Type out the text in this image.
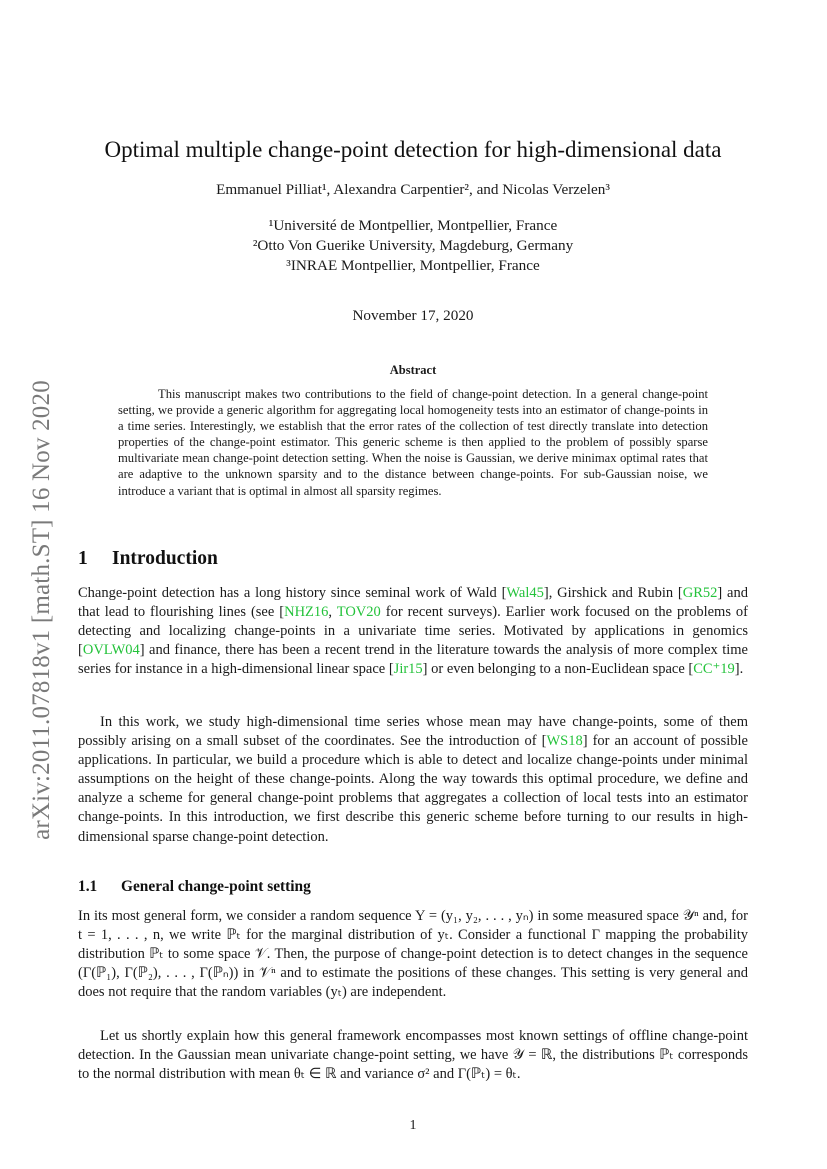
arXiv:2011.07818v1 [math.ST] 16 Nov 2020
Optimal multiple change-point detection for high-dimensional data
Emmanuel Pilliat¹, Alexandra Carpentier², and Nicolas Verzelen³
¹Université de Montpellier, Montpellier, France
²Otto Von Guerike University, Magdeburg, Germany
³INRAE Montpellier, Montpellier, France
November 17, 2020
Abstract
This manuscript makes two contributions to the field of change-point detection. In a general change-point setting, we provide a generic algorithm for aggregating local homogeneity tests into an estimator of change-points in a time series. Interestingly, we establish that the error rates of the collection of test directly translate into detection properties of the change-point estimator. This generic scheme is then applied to the problem of possibly sparse multivariate mean change-point detection setting. When the noise is Gaussian, we derive minimax optimal rates that are adaptive to the unknown sparsity and to the distance between change-points. For sub-Gaussian noise, we introduce a variant that is optimal in almost all sparsity regimes.
1 Introduction
Change-point detection has a long history since seminal work of Wald [Wal45], Girshick and Rubin [GR52] and that lead to flourishing lines (see [NHZ16, TOV20 for recent surveys). Earlier work focused on the problems of detecting and localizing change-points in a univariate time series. Motivated by applications in genomics [OVLW04] and finance, there has been a recent trend in the literature towards the analysis of more complex time series for instance in a high-dimensional linear space [Jir15] or even belonging to a non-Euclidean space [CC⁺19].
In this work, we study high-dimensional time series whose mean may have change-points, some of them possibly arising on a small subset of the coordinates. See the introduction of [WS18] for an account of possible applications. In particular, we build a procedure which is able to detect and localize change-points under minimal assumptions on the height of these change-points. Along the way towards this optimal procedure, we define and analyze a scheme for general change-point problems that aggregates a collection of local tests into an estimator change-points. In this introduction, we first describe this generic scheme before turning to our results in high-dimensional sparse change-point detection.
1.1 General change-point setting
In its most general form, we consider a random sequence Y = (y₁, y₂, . . . , yₙ) in some measured space 𝒴ⁿ and, for t = 1, . . . , n, we write ℙₜ for the marginal distribution of yₜ. Consider a functional Γ mapping the probability distribution ℙₜ to some space 𝒱. Then, the purpose of change-point detection is to detect changes in the sequence (Γ(ℙ₁), Γ(ℙ₂), . . . , Γ(ℙₙ)) in 𝒱ⁿ and to estimate the positions of these changes. This setting is very general and does not require that the random variables (yₜ) are independent.
Let us shortly explain how this general framework encompasses most known settings of offline change-point detection. In the Gaussian mean univariate change-point setting, we have 𝒴 = ℝ, the distributions ℙₜ corresponds to the normal distribution with mean θₜ ∈ ℝ and variance σ² and Γ(ℙₜ) = θₜ.
1
